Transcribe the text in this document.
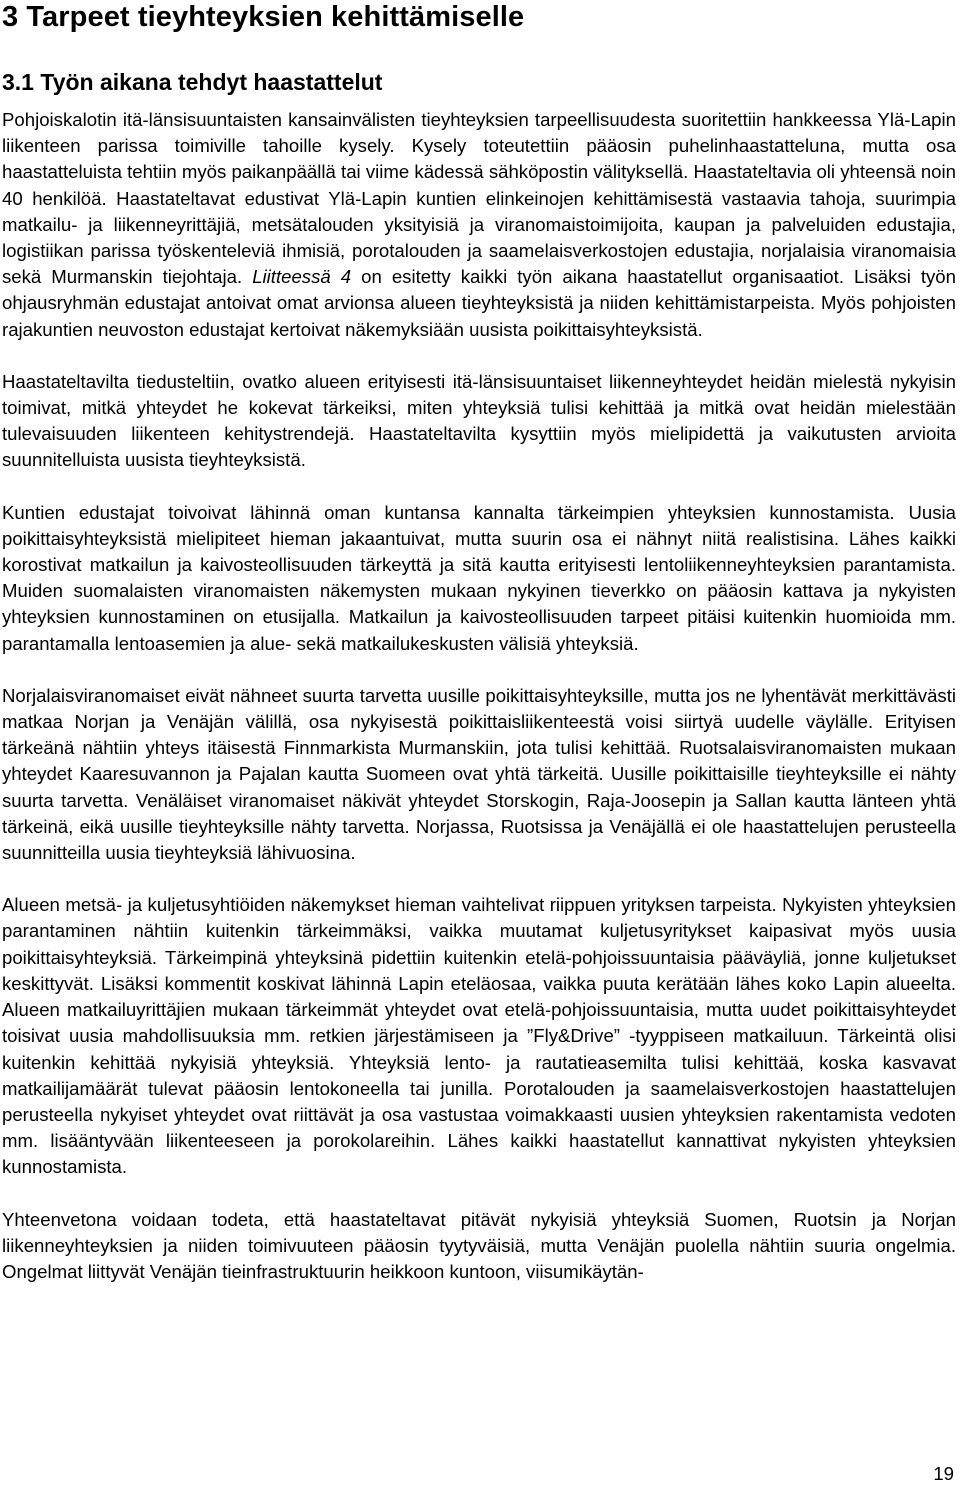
3 Tarpeet tieyhteyksien kehittämiselle
3.1 Työn aikana tehdyt haastattelut

Pohjoiskalotin itä-länsisuuntaisten kansainvälisten tieyhteyksien tarpeellisuudesta suoritettiin hankkeessa Ylä-Lapin liikenteen parissa toimiville tahoille kysely. Kysely toteutettiin pääosin puhelinhaastatteluna, mutta osa haastatteluista tehtiin myös paikanpäällä tai viime kädessä sähköpostin välityksellä. Haastateltavia oli yhteensä noin 40 henkilöä. Haastateltavat edustivat Ylä-Lapin kuntien elinkeinojen kehittämisestä vastaavia tahoja, suurimpia matkailu- ja liikenneyrittäjiä, metsätalouden yksityisiä ja viranomaistoimijoita, kaupan ja palveluiden edustajia, logistiikan parissa työskenteleviä ihmisiä, porotalouden ja saamelaisverkostojen edustajia, norjalaisia viranomaisia sekä Murmanskin tiejohtaja. Liitteessä 4 on esitetty kaikki työn aikana haastatellut organisaatiot. Lisäksi työn ohjausryhmän edustajat antoivat omat arvionsa alueen tieyhteyksistä ja niiden kehittämistarpeista. Myös pohjoisten rajakuntien neuvoston edustajat kertoivat näkemyksiään uusista poikittaisyhteyksistä.

Haastateltavilta tiedusteltiin, ovatko alueen erityisesti itä-länsisuuntaiset liikenneyhteydet heidän mielestä nykyisin toimivat, mitkä yhteydet he kokevat tärkeiksi, miten yhteyksiä tulisi kehittää ja mitkä ovat heidän mielestään tulevaisuuden liikenteen kehitystrendejä. Haastateltavilta kysyttiin myös mielipidettä ja vaikutusten arvioita suunnitelluista uusista tieyhteyksistä.

Kuntien edustajat toivoivat lähinnä oman kuntansa kannalta tärkeimpien yhteyksien kunnostamista. Uusia poikittaisyhteyksistä mielipiteet hieman jakaantuivat, mutta suurin osa ei nähnyt niitä realistisina. Lähes kaikki korostivat matkailun ja kaivosteollisuuden tärkeyttä ja sitä kautta erityisesti lentoliikenneyhteyksien parantamista. Muiden suomalaisten viranomaisten näkemysten mukaan nykyinen tieverkko on pääosin kattava ja nykyisten yhteyksien kunnostaminen on etusijalla. Matkailun ja kaivosteollisuuden tarpeet pitäisi kuitenkin huomioida mm. parantamalla lentoasemien ja alue- sekä matkailukeskusten välisiä yhteyksiä.

Norjalaisviranomaiset eivät nähneet suurta tarvetta uusille poikittaisyhteyksille, mutta jos ne lyhentävät merkittävästi matkaa Norjan ja Venäjän välillä, osa nykyisestä poikittaisliikenteestä voisi siirtyä uudelle väylälle. Erityisen tärkeänä nähtiin yhteys itäisestä Finnmarkista Murmanskiin, jota tulisi kehittää. Ruotsalaisviranomaisten mukaan yhteydet Kaaresuvannon ja Pajalan kautta Suomeen ovat yhtä tärkeitä. Uusille poikittaisille tieyhteyksille ei nähty suurta tarvetta. Venäläiset viranomaiset näkivät yhteydet Storskogin, Raja-Joosepin ja Sallan kautta länteen yhtä tärkeinä, eikä uusille tieyhteyksille nähty tarvetta. Norjassa, Ruotsissa ja Venäjällä ei ole haastattelujen perusteella suunnitteilla uusia tieyhteyksiä lähivuosina.

Alueen metsä- ja kuljetusyhtiöiden näkemykset hieman vaihtelivat riippuen yrityksen tarpeista. Nykyisten yhteyksien parantaminen nähtiin kuitenkin tärkeimmäksi, vaikka muutamat kuljetusyritykset kaipasivat myös uusia poikittaisyhteyksiä. Tärkeimpinä yhteyksinä pidettiin kuitenkin etelä-pohjoissuuntaisia pääväyliä, jonne kuljetukset keskittyvät. Lisäksi kommentit koskivat lähinnä Lapin eteläosaa, vaikka puuta kerätään lähes koko Lapin alueelta. Alueen matkailuyrittäjien mukaan tärkeimmät yhteydet ovat etelä-pohjoissuuntaisia, mutta uudet poikittaisyhteydet toisivat uusia mahdollisuuksia mm. retkien järjestämiseen ja ”Fly&Drive” -tyyppiseen matkailuun. Tärkeintä olisi kuitenkin kehittää nykyisiä yhteyksiä. Yhteyksiä lento- ja rautatieasemilta tulisi kehittää, koska kasvavat matkailijamäärät tulevat pääosin lentokoneella tai junilla. Porotalouden ja saamelaisverkostojen haastattelujen perusteella nykyiset yhteydet ovat riittävät ja osa vastustaa voimakkaasti uusien yhteyksien rakentamista vedoten mm. lisääntyvään liikenteeseen ja porokolareihin. Lähes kaikki haastatellut kannattivat nykyisten yhteyksien kunnostamista.

Yhteenvetona voidaan todeta, että haastateltavat pitävät nykyisiä yhteyksiä Suomen, Ruotsin ja Norjan liikenneyhteyksien ja niiden toimivuuteen pääosin tyytyväisiä, mutta Venäjän puolella nähtiin suuria ongelmia. Ongelmat liittyvät Venäjän tieinfrastruktuurin heikkoon kuntoon, viisumikäytän-

19
